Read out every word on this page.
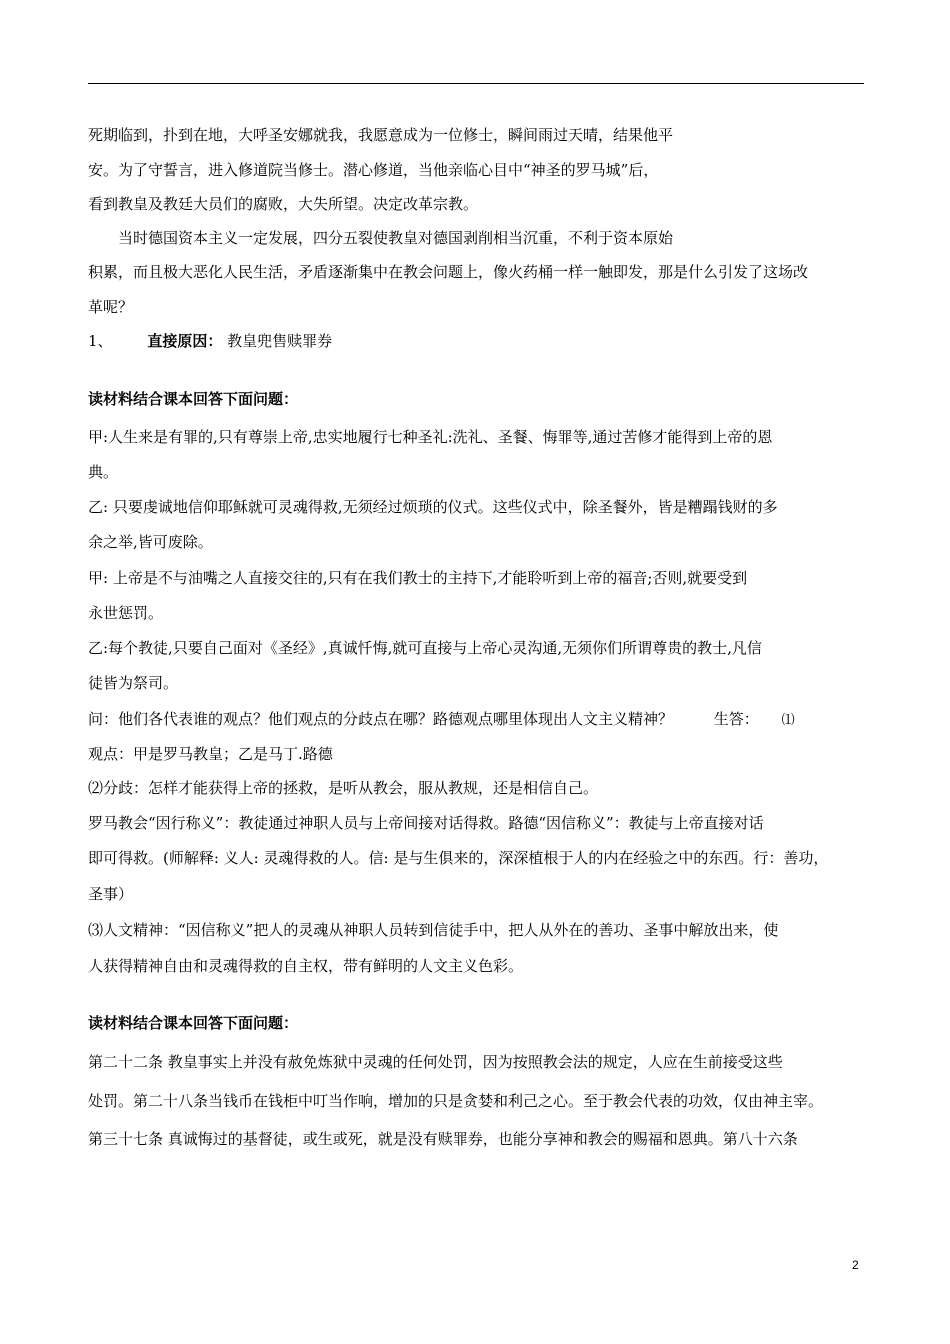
死期临到，扑到在地，大呼圣安娜就我，我愿意成为一位修士，瞬间雨过天晴，结果他平
安。为了守誓言，进入修道院当修士。潜心修道，当他亲临心目中“神圣的罗马城”后，
看到教皇及教廷大员们的腐败，大失所望。决定改革宗教。
　　当时德国资本主义一定发展，四分五裂使教皇对德国剥削相当沉重，不利于资本原始
积累，而且极大恶化人民生活，矛盾逐渐集中在教会问题上，像火药桶一样一触即发，那是什么引发了这场改
革呢？
1、 直接原因： 教皇兜售赎罪券
读材料结合课本回答下面问题：
甲:人生来是有罪的,只有尊崇上帝,忠实地履行七种圣礼:洗礼、圣餐、悔罪等,通过苦修才能得到上帝的恩
典。
乙: 只要虔诚地信仰耶稣就可灵魂得救,无须经过烦琐的仪式。这些仪式中，除圣餐外，皆是糟蹋钱财的多
余之举,皆可废除。
甲: 上帝是不与油嘴之人直接交往的,只有在我们教士的主持下,才能聆听到上帝的福音;否则,就要受到
永世惩罚。
乙:每个教徒,只要自己面对《圣经》,真诚忏悔,就可直接与上帝心灵沟通,无须你们所谓尊贵的教士,凡信
徒皆为祭司。
问：他们各代表谁的观点？他们观点的分歧点在哪？路德观点哪里体现出人文主义精神？	生答： ⑴
观点：甲是罗马教皇；乙是马丁.路德
⑵分歧：怎样才能获得上帝的拯救，是听从教会，服从教规，还是相信自己。
罗马教会“因行称义”：教徒通过神职人员与上帝间接对话得救。路德“因信称义”：教徒与上帝直接对话
即可得救。(师解释: 义人: 灵魂得救的人。信: 是与生俱来的，深深植根于人的内在经验之中的东西。行：善功，
圣事）
⑶人文精神：“因信称义”把人的灵魂从神职人员转到信徒手中，把人从外在的善功、圣事中解放出来，使
人获得精神自由和灵魂得救的自主权，带有鲜明的人文主义色彩。
读材料结合课本回答下面问题：
第二十二条 教皇事实上并没有赦免炼狱中灵魂的任何处罚，因为按照教会法的规定，人应在生前接受这些
处罚。第二十八条当钱币在钱柜中叮当作响，增加的只是贪婪和利己之心。至于教会代表的功效，仅由神主宰。
第三十七条 真诚悔过的基督徒，或生或死，就是没有赎罪券，也能分享神和教会的赐福和恩典。第八十六条
2
